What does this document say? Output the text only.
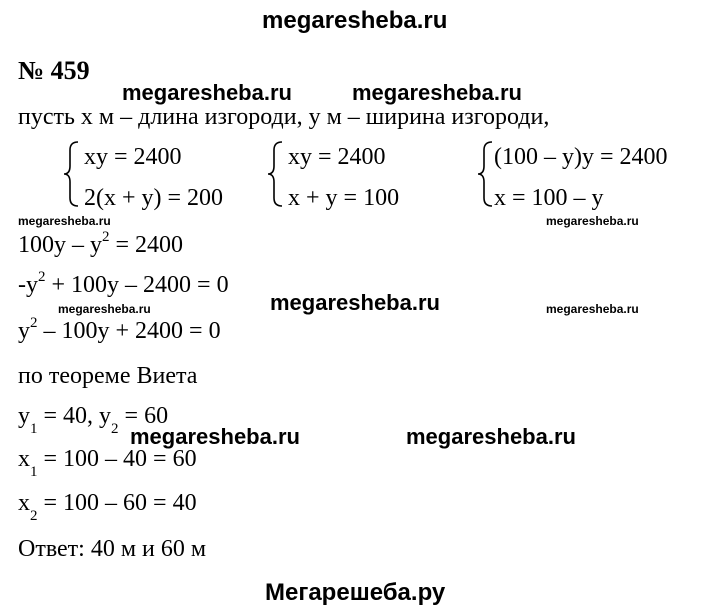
megaresheba.ru
№ 459
megaresheba.ru	megaresheba.ru
megaresheba.ru	megaresheba.ru
megaresheba.ru	megaresheba.ru	megaresheba.ru
megaresheba.ru	megaresheba.ru
пусть x м – длина изгороди, y м – ширина изгороди,
xy = 2400
2(x + y) = 200
xy = 2400
x + y = 100
(100 – y)y = 2400
x = 100 – y
$100y - y^2 = 2400$
$-y^2 + 100y - 2400 = 0$
$y^2 - 100y + 2400 = 0$
по теореме Виета
$y_1 = 40$, $y_2 = 60$
$x_1 = 100 - 40 = 60$
$x_2 = 100 - 60 = 40$
Ответ: 40 м и 60 м
Мегарешеба.ру
